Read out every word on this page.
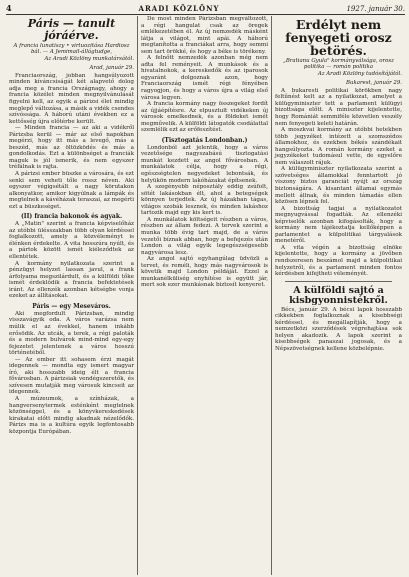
4	ARADI KÖZLÖNY	1927. január 30.
Páris — tanult jóráérve.
A francia lunatiszy • virtuozitása Hardiosz bál. — A Jemimail-állágtudge,
Az Aradi Közlöny munkatársától.
Arad, január 29.

Franciaország, jobban hangsúlyozott minden kíváncsiságát két alapvető dolog adja meg a francia Országnagy, ahogy a francia közélet minden megnyilvánulását figyelni kell, az egyik a párizsi élet mindig meglepő változása, a másik a vidék csendes szívóssága. A háború utáni években ez a kettősség újra előtérbe került.

— Minden francia — az aki a vidékről Párizsba kerül — már az első napokban megérzi, hogy itt más a levegő, más a beszéd, más az öltözködés és más a gondolkodás. Ezt a különbséget a franciák maguk is jól ismerik, és nem egyszer tréfálnak is rajta.

A párizsi ember büszke a városára, és ezt senki sem veheti tőle rossz néven. Aki egyszer végigsétált a nagy körutakon alkonyatkor, amikor kigyúlnak a lámpák és megtelnek a kávéházak teraszai, az megérti ezt a büszkeséget.

(II) francia bakonok és agyak.

A „Matin" szerint a francia képviselőház az utóbbi ülésszakban több olyan kérdéssel foglalkozott, amely a közvéleményt is élénken érdekelte. A vita hosszúra nyúlt, és a pártok között ismét kiéleződtek az ellentétek.

A kormány nyilatkozata szerint a pénzügyi helyzet lassan javul, a frank árfolyama megszilárdult, és a külföldi tőke ismét érdeklődik a francia befektetések iránt. Az ellenzék azonban kétségbe vonja ezeket az állításokat.

Páris — egy Meseváros.

Aki megfordult Párizsban, mindig visszavágyik oda. A város varázsa nem múlik el az évekkel, hanem inkább erősödik. Az utcák, a terek, a régi paloták és a modern bulvárok mind-mind egy-egy fejezetet jelentenek a város hosszú történetéből.

— Az ember itt sohasem érzi magát idegennek — mondta egy ismert magyar író, aki hosszabb ideig élt a francia fővárosban. A párizsiak vendégszeretők, és szívesen mutatják meg városuk kincseit az idegennek.

A múzeumok, a színházak, a hangversenytermek esténként megtelnek közönséggel, és a könyvkereskedések kirakatai előtt mindig akadnak nézelődők. Párizs ma is a kultúra egyik legfontosabb központja Európában.

De most minden Párizsban megváltozott, a régi hangulat csak az öregek emlékezetében él. Az új nemzedék másként látja a világot, mint apái. A háború megtanította a franciákat arra, hogy semmi sem tart örökké, és hogy a béke is törékeny.

A felnőtt nemzedék azonban még nem adta fel reményeit. A munkások és a hivatalnokok, a kereskedők és az iparosok egyaránt dolgoznak azon, hogy Franciaország ismét régi fényében ragyogjon, és hogy a város újra a világ első városa legyen.

A francia kormány nagy összegeket fordít az újjáépítésre. Az elpusztult vidékeken új városok emelkednek, és a földeket ismét megművelik. A külföldi látogatók csodálattal szemlélik ezt az erőfeszítést.

(Tisztogatás Londonban.)

Londonból azt jelentik, hogy a város vezetősége nagyszabású tisztogatási munkát kezdett az angol fővárosban. A munkálatok célja, hogy a régi, egészségtelen negyedeket lebontsák, és helyükön modern lakóházakat építsenek.

A szegényebb néposztály eddig zsúfolt, sötét lakásokban élt, ahol a betegségek könnyen terjedtek. Az új házakban tágas, világos szobák lesznek, és minden lakáshoz tartozik majd egy kis kert is.

A munkálatok költségeit részben a város, részben az állam fedezi. A tervek szerint a munka több évig tart majd, de a város vezetői bíznak abban, hogy a befejezés után London a világ egyik legegészségesebb nagyvárosa lesz.

Az angol sajtó egyhangúlag üdvözli a tervet, és reméli, hogy más nagyvárosok is követik majd London példáját. Ezzel a munkanélküliség enyhítése is együtt jár, mert sok ezer munkásnak biztosít kenyeret.

Erdélyt nem fenyegeti orosz betörés.
„Bratianu Gyula" kormányválsága, orosz politika — román politika
Az Aradi Közlöny tudósítójától.
Bukarest, január 29.

A bukaresti politikai körökben nagy feltűnést kelt az a nyilatkozat, amelyet a külügyminiszter tett a parlament külügyi bizottsága előtt. A miniszter kijelentette, hogy Romániát semmiféle közvetlen veszély nem fenyegeti keleti határán.

A moszkvai kormány az utóbbi hetekben több jegyzéket intézett a szomszédos államokhoz, és ezekben békés szándékait hangsúlyozta. A román kormány ezeket a jegyzékeket tudomásul vette, de egyelőre nem válaszolt rájuk.

A külügyminiszter nyilatkozata szerint a szövetséges államokkal fenntartott jó viszony biztos garanciát nyújt az ország biztonságára. A kisantant államai egymás mellett állnak, és minden támadás ellen közösen lépnek fel.

A bizottság tagjai a nyilatkozatot megnyugvással fogadták. Az ellenzéki képviselők azonban kifogásolták, hogy a kormány nem tájékoztatja kellőképpen a parlamentet a külpolitikai tárgyalások menetéről.

A vita végén a bizottság elnöke kijelentette, hogy a kormány a jövőben rendszeresen beszámol majd a külpolitikai helyzetről, és a parlament minden fontos kérdésben kifejtheti véleményét.

A külföldi sajtó a kisbgyonnistékről.

Bécs, január 29. A bécsi lapok hosszabb cikkekben foglalkoznak a kisebbségi kérdéssel, és megállapítják, hogy a nemzetközi szerződések végrehajtása sok helyen akadozik. A lapok szerint a kisebbségek panaszai jogosak, és a Népszövetségnek kellene közbelépnie.
